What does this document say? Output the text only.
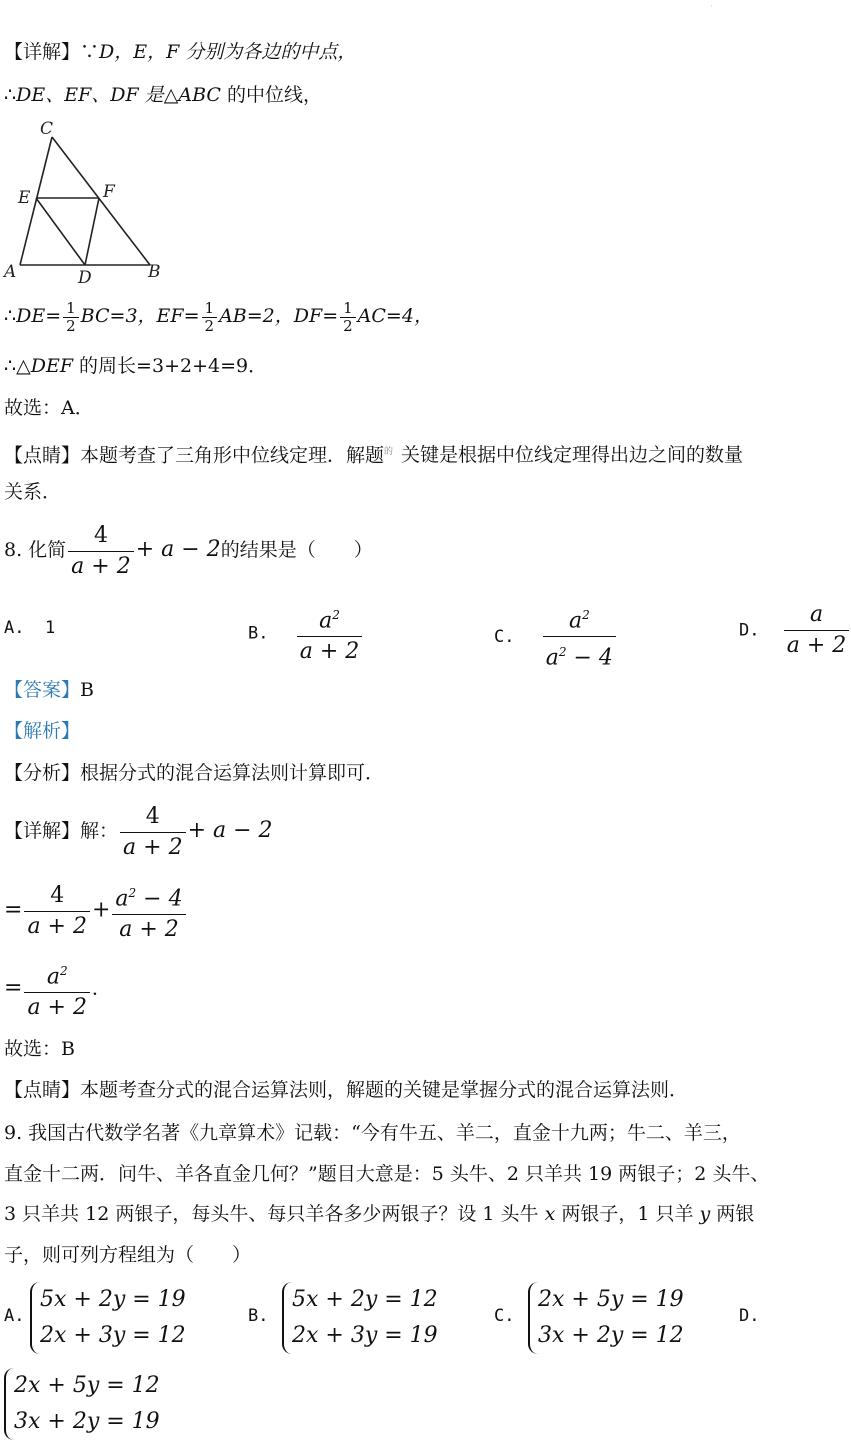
·
【详解】∵D，E，F 分别为各边的中点，
∴DE、EF、DF 是△ABC 的中位线，
C
E	F
A	D	B
∴DE= $\frac{1}{2} BC=3$，$EF= \frac{1}{2} AB=2$，$DF= \frac{1}{2} AC=4$，
∴△DEF 的周长=3+2+4=9．
故选：A．
【点睛】本题考查了三角形中位线定理．解题$^的$ 关键是根据中位线定理得出边之间的数量
关系．
8. 化简 $\frac{4}{a + 2} + a - 2$的结果是（　　）
A. 1	B. $\frac{a^2}{a + 2}$	C. $\frac{a^2}{a^2 - 4}$	D. $\frac{a}{a + 2}$
【答案】B
【解析】
【分析】根据分式的混合运算法则计算即可．
【详解】解： $\frac{4}{a + 2} + a - 2$
= $\frac{4}{a + 2} + \frac{a^2 - 4}{a + 2}$
= $\frac{a^2}{a + 2}$ ．
故选：B
【点睛】本题考查分式的混合运算法则，解题的关键是掌握分式的混合运算法则．
9. 我国古代数学名著《九章算术》记载：“今有牛五、羊二，直金十九两；牛二、羊三，
直金十二两．问牛、羊各直金几何？”题目大意是：5 头牛、2 只羊共 19 两银子；2 头牛、
3 只羊共 12 两银子，每头牛、每只羊各多少两银子？设 1 头牛 x 两银子，1 只羊 y 两银
子，则可列方程组为（　　）
A.
5x + 2y = 19
2x + 3y = 12
B.
5x + 2y = 12
2x + 3y = 19
C.
2x + 5y = 19
3x + 2y = 12
D.
2x + 5y = 12
3x + 2y = 19
